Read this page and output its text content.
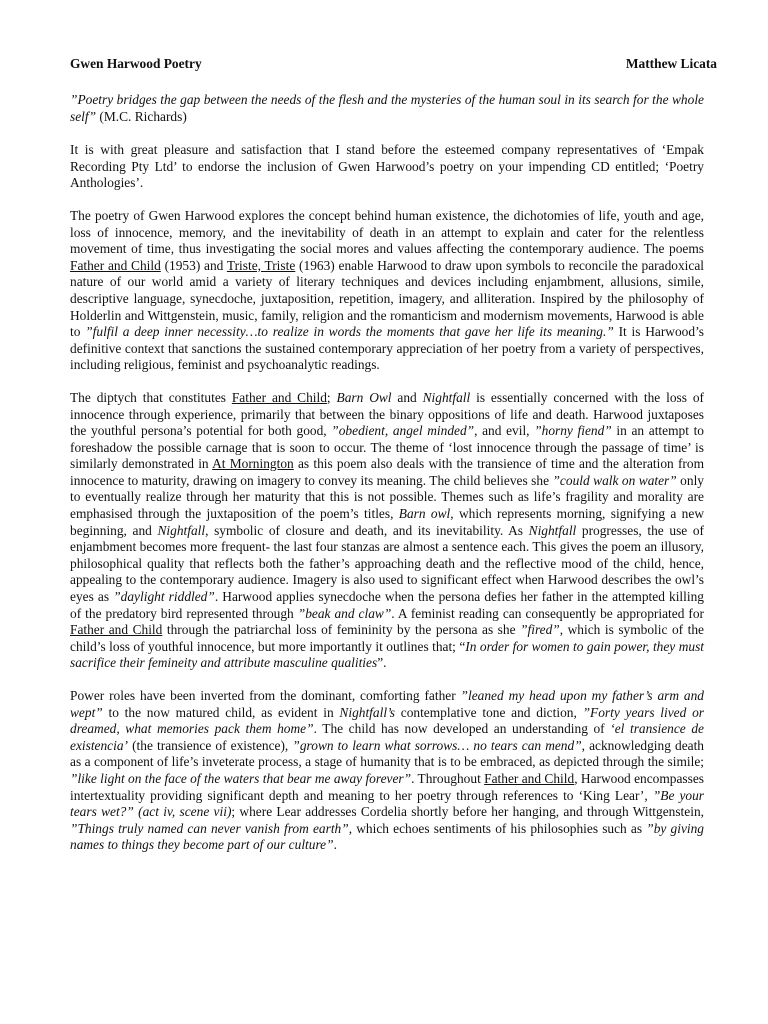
Gwen Harwood Poetry	Matthew Licata

”Poetry bridges the gap between the needs of the flesh and the mysteries of the human soul in its search for the whole self” (M.C. Richards)

It is with great pleasure and satisfaction that I stand before the esteemed company representatives of ‘Empak Recording Pty Ltd’ to endorse the inclusion of Gwen Harwood’s poetry on your impending CD entitled; ‘Poetry Anthologies’.

The poetry of Gwen Harwood explores the concept behind human existence, the dichotomies of life, youth and age, loss of innocence, memory, and the inevitability of death in an attempt to explain and cater for the relentless movement of time, thus investigating the social mores and values affecting the contemporary audience. The poems Father and Child (1953) and Triste, Triste (1963) enable Harwood to draw upon symbols to reconcile the paradoxical nature of our world amid a variety of literary techniques and devices including enjambment, allusions, simile, descriptive language, synecdoche, juxtaposition, repetition, imagery, and alliteration. Inspired by the philosophy of Holderlin and Wittgenstein, music, family, religion and the romanticism and modernism movements, Harwood is able to ”fulfil a deep inner necessity…to realize in words the moments that gave her life its meaning.” It is Harwood’s definitive context that sanctions the sustained contemporary appreciation of her poetry from a variety of perspectives, including religious, feminist and psychoanalytic readings.

The diptych that constitutes Father and Child; Barn Owl and Nightfall is essentially concerned with the loss of innocence through experience, primarily that between the binary oppositions of life and death. Harwood juxtaposes the youthful persona’s potential for both good, ”obedient, angel minded”, and evil, ”horny fiend” in an attempt to foreshadow the possible carnage that is soon to occur. The theme of ‘lost innocence through the passage of time’ is similarly demonstrated in At Mornington as this poem also deals with the transience of time and the alteration from innocence to maturity, drawing on imagery to convey its meaning. The child believes she ”could walk on water” only to eventually realize through her maturity that this is not possible. Themes such as life’s fragility and morality are emphasised through the juxtaposition of the poem’s titles, Barn owl, which represents morning, signifying a new beginning, and Nightfall, symbolic of closure and death, and its inevitability. As Nightfall progresses, the use of enjambment becomes more frequent- the last four stanzas are almost a sentence each. This gives the poem an illusory, philosophical quality that reflects both the father’s approaching death and the reflective mood of the child, hence, appealing to the contemporary audience. Imagery is also used to significant effect when Harwood describes the owl’s eyes as ”daylight riddled”. Harwood applies synecdoche when the persona defies her father in the attempted killing of the predatory bird represented through ”beak and claw”. A feminist reading can consequently be appropriated for Father and Child through the patriarchal loss of femininity by the persona as she ”fired”, which is symbolic of the child’s loss of youthful innocence, but more importantly it outlines that; “In order for women to gain power, they must sacrifice their femineity and attribute masculine qualities”.

Power roles have been inverted from the dominant, comforting father ”leaned my head upon my father’s arm and wept” to the now matured child, as evident in Nightfall’s contemplative tone and diction, ”Forty years lived or dreamed, what memories pack them home”. The child has now developed an understanding of ‘el transience de existencia’ (the transience of existence), ”grown to learn what sorrows… no tears can mend”, acknowledging death as a component of life’s inveterate process, a stage of humanity that is to be embraced, as depicted through the simile; ”like light on the face of the waters that bear me away forever”. Throughout Father and Child, Harwood encompasses intertextuality providing significant depth and meaning to her poetry through references to ‘King Lear’, ”Be your tears wet?” (act iv, scene vii); where Lear addresses Cordelia shortly before her hanging, and through Wittgenstein, ”Things truly named can never vanish from earth”, which echoes sentiments of his philosophies such as ”by giving names to things they become part of our culture”.
